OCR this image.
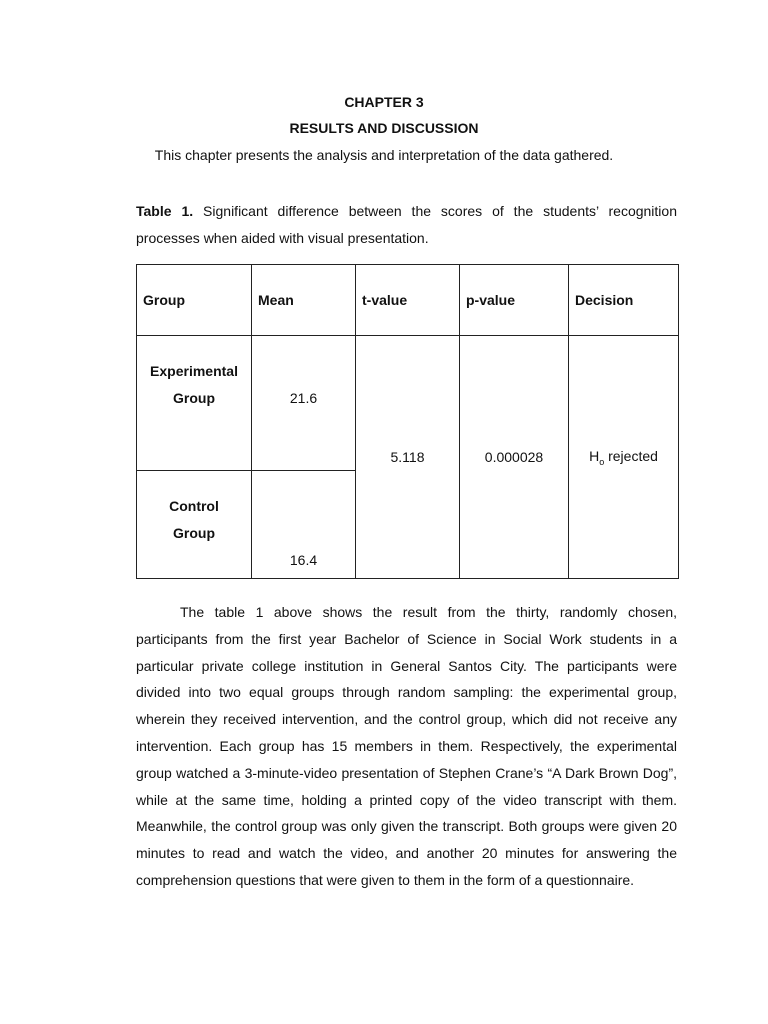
CHAPTER 3
RESULTS AND DISCUSSION
This chapter presents the analysis and interpretation of the data gathered.
Table 1. Significant difference between the scores of the students’ recognition processes when aided with visual presentation.
Group	Mean	t-value	p-value	Decision

Experimental
Group	21.6	5.118	0.000028	$H_o$ rejected

Control
Group	16.4			
The table 1 above shows the result from the thirty, randomly chosen, participants from the first year Bachelor of Science in Social Work students in a particular private college institution in General Santos City. The participants were divided into two equal groups through random sampling: the experimental group, wherein they received intervention, and the control group, which did not receive any intervention. Each group has 15 members in them. Respectively, the experimental group watched a 3-minute-video presentation of Stephen Crane’s “A Dark Brown Dog”, while at the same time, holding a printed copy of the video transcript with them. Meanwhile, the control group was only given the transcript. Both groups were given 20 minutes to read and watch the video, and another 20 minutes for answering the comprehension questions that were given to them in the form of a questionnaire.
